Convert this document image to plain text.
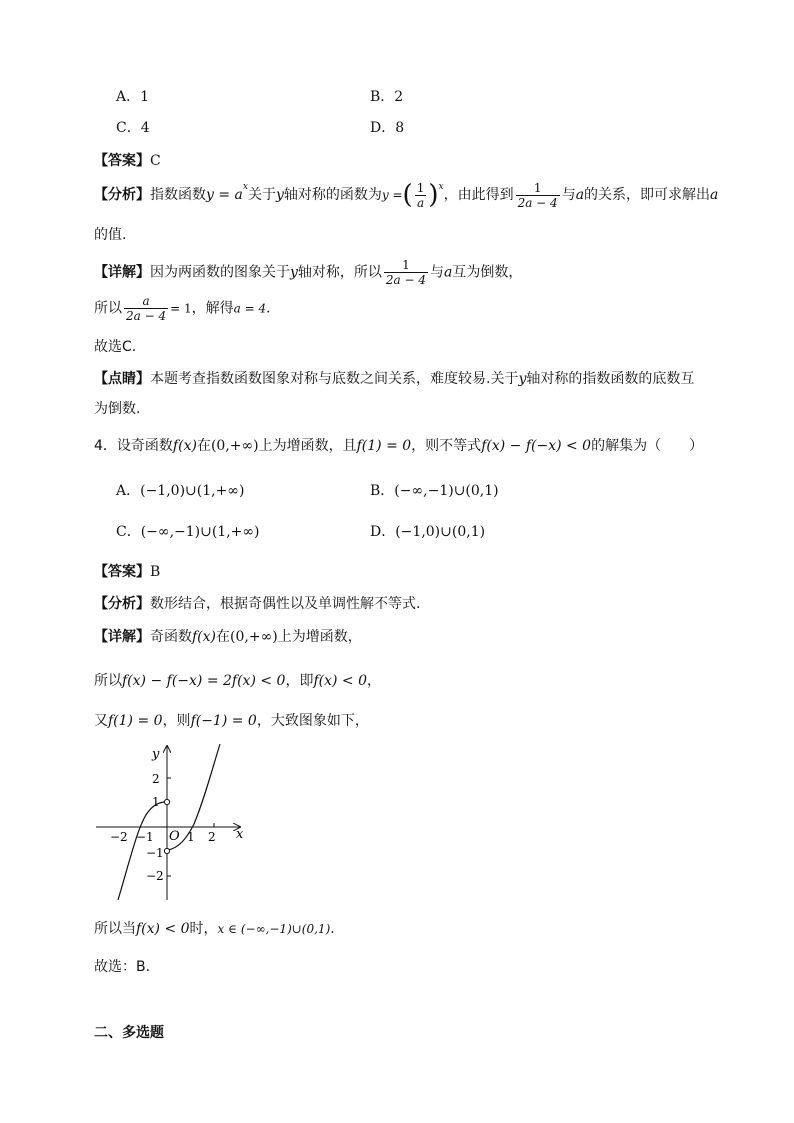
A．1	B．2
C．4	D．8
【答案】C
【分析】指数函数$y = a^x$关于y轴对称的函数为y =( $\frac{1}{a} )^x$，由此得到 $\frac{1}{2a - 4}$ 与a的关系，即可求解出a
的值.
【详解】因为两函数的图象关于y轴对称，所以 $\frac{1}{2a - 4}$ 与a互为倒数，
所以 $\frac{a}{2a - 4} = 1$，解得a = 4．
故选C.
【点睛】本题考查指数函数图象对称与底数之间关系，难度较易.关于y轴对称的指数函数的底数互
为倒数.
4．设奇函数f(x)在(0,+∞)上为增函数，且f(1) = 0，则不等式f(x) − f(−x) < 0的解集为（　　）
A．(−1,0)∪(1,+∞)	B．(−∞,−1)∪(0,1)
C．(−∞,−1)∪(1,+∞)	D．(−1,0)∪(0,1)
【答案】B
【分析】数形结合，根据奇偶性以及单调性解不等式.
【详解】奇函数f(x)在(0,+∞)上为增函数，
所以f(x) − f(−x) = 2f(x) < 0，即f(x) < 0，
又f(1) = 0，则f(−1) = 0，大致图象如下，
y
x
O
−2 −1	1 2
2
1
−1
−2
所以当f(x) < 0时，x ∈ (−∞,−1)∪(0,1).
故选：B.
二、多选题
